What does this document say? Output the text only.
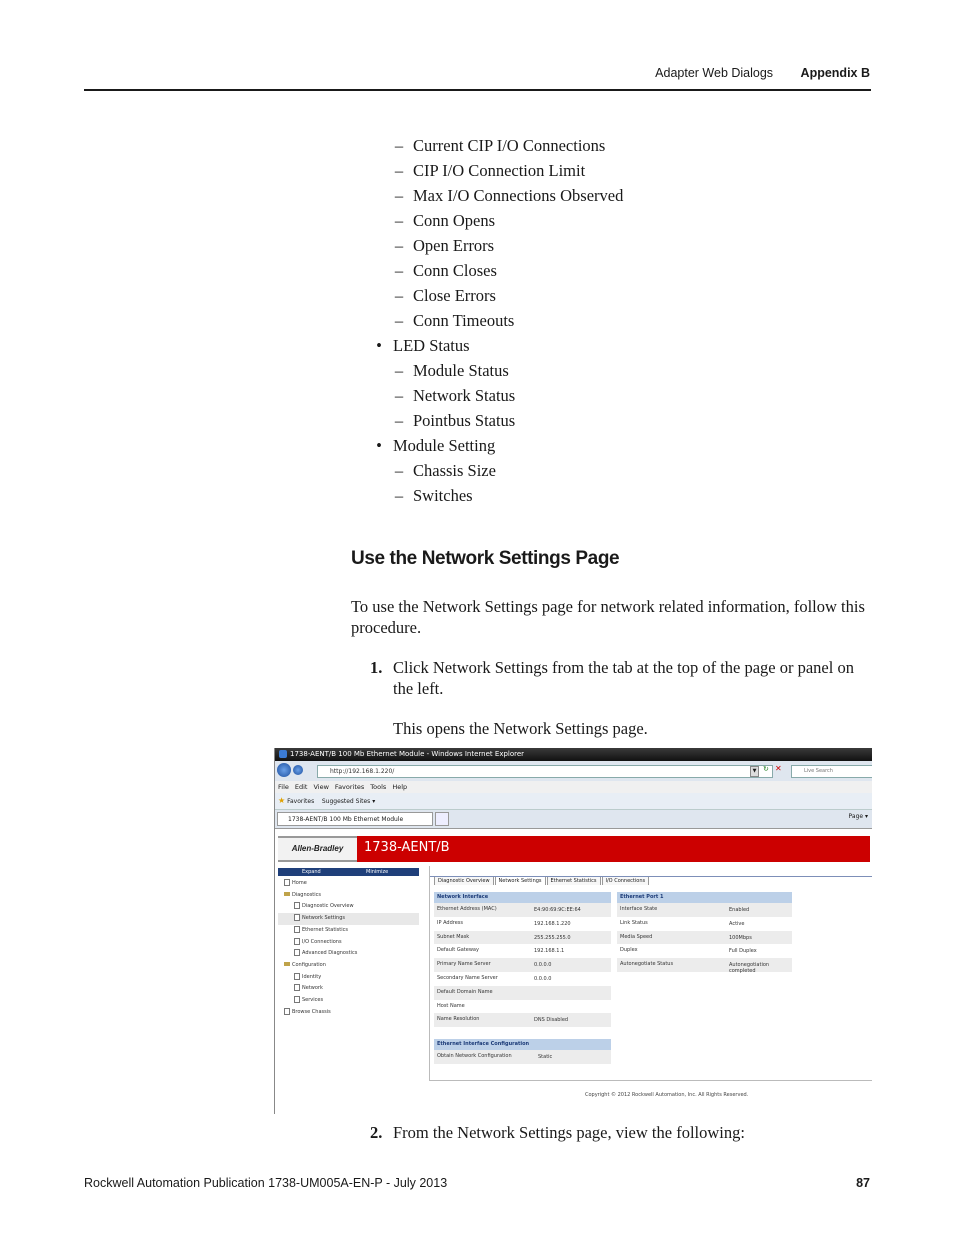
Adapter Web Dialogs Appendix B
– Current CIP I/O Connections
– CIP I/O Connection Limit
– Max I/O Connections Observed
– Conn Opens
– Open Errors
– Conn Closes
– Close Errors
– Conn Timeouts
• LED Status
– Module Status
– Network Status
– Pointbus Status
• Module Setting
– Chassis Size
– Switches
Use the Network Settings Page
To use the Network Settings page for network related information, follow this procedure.
1. Click Network Settings from the tab at the top of the page or panel on the left.
This opens the Network Settings page.
1738-AENT/B 100 Mb Ethernet Module - Windows Internet Explorer
http://192.168.1.220/	▼ ↻ ✕	Live Search
File Edit View Favorites Tools Help
★ Favorites Suggested Sites ▾
1738-AENT/B 100 Mb Ethernet Module	Page ▾
Allen-Bradley	1738-AENT/B
Expand	Minimize
Home
Diagnostics
Diagnostic Overview
Network Settings
Ethernet Statistics
I/O Connections
Advanced Diagnostics
Configuration
Identity
Network
Services
Browse Chassis
Diagnostic Overview Network Settings Ethernet Statistics I/O Connections
Network Interface
Ethernet Address (MAC)	E4:90:69:9C:EE:64
IP Address	192.168.1.220
Subnet Mask	255.255.255.0
Default Gateway	192.168.1.1
Primary Name Server	0.0.0.0
Secondary Name Server	0.0.0.0
Default Domain Name
Host Name
Name Resolution	DNS Disabled
Ethernet Port 1
Interface State	Enabled
Link Status	Active
Media Speed	100Mbps
Duplex	Full Duplex
Autonegotiate Status	Autonegotiation completed
Ethernet Interface Configuration
Obtain Network Configuration	Static
Copyright © 2012 Rockwell Automation, Inc. All Rights Reserved.
2. From the Network Settings page, view the following:
Rockwell Automation Publication 1738-UM005A-EN-P - July 2013	87
